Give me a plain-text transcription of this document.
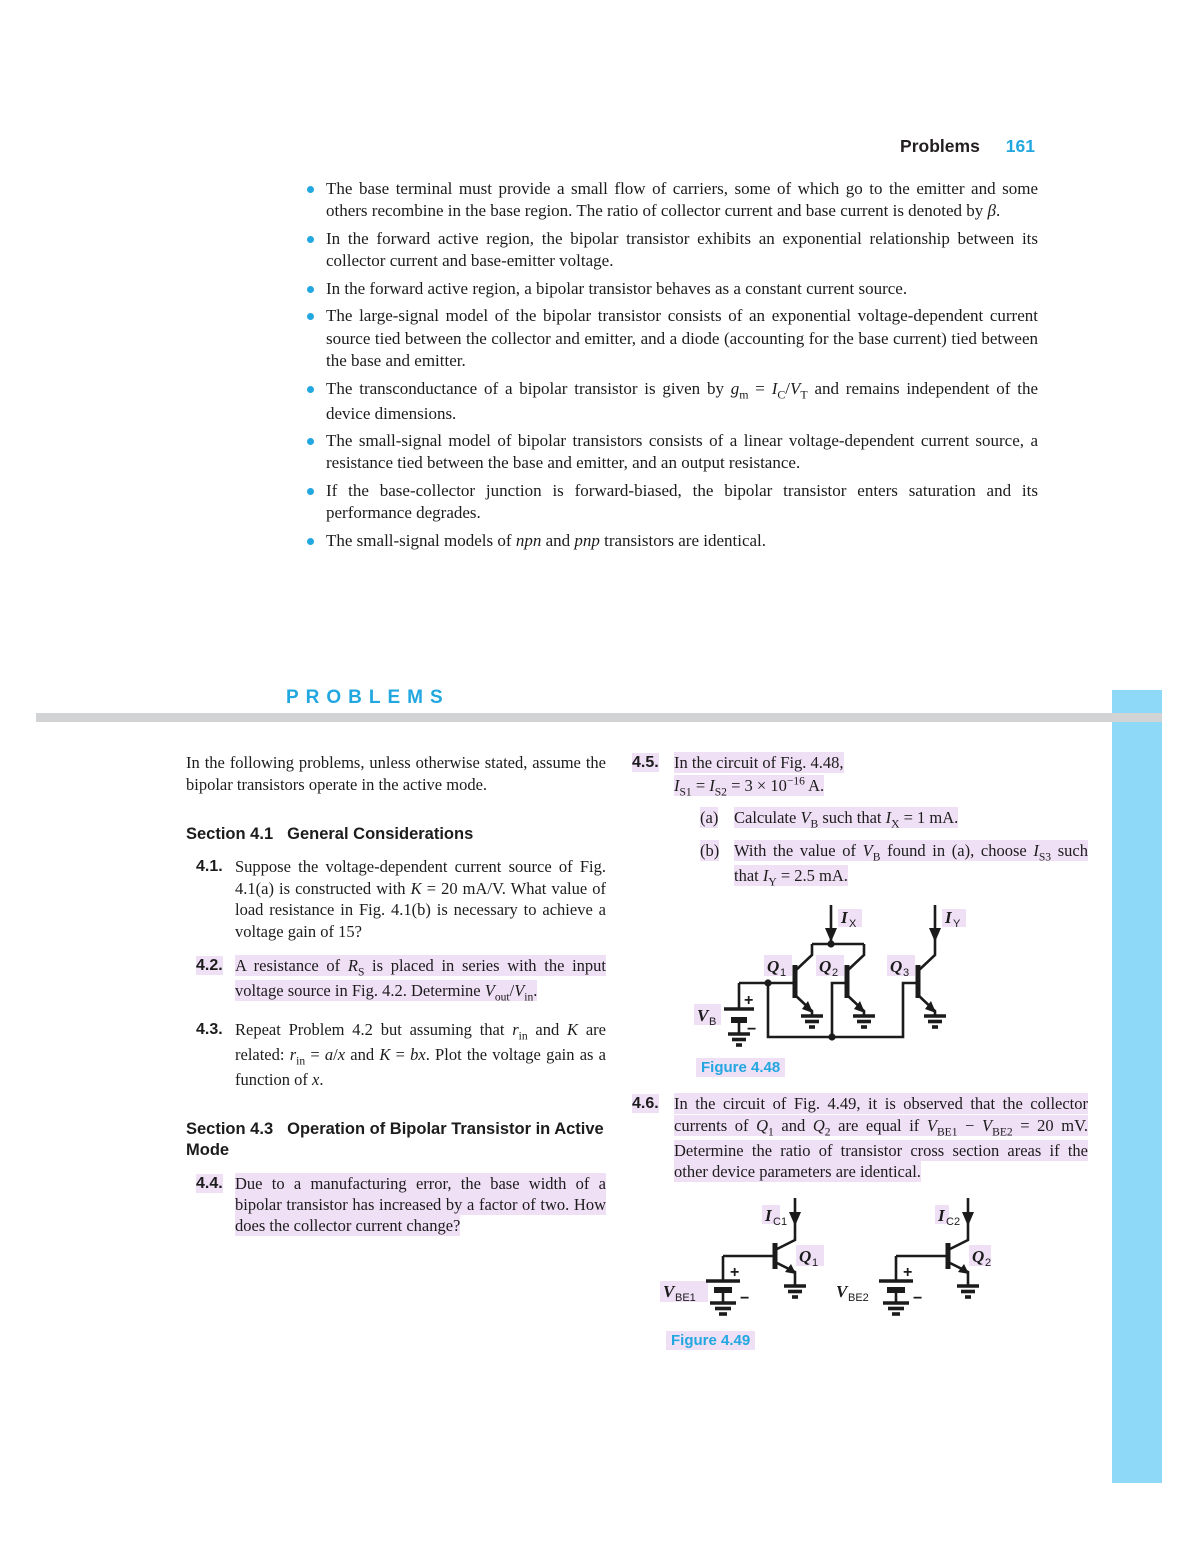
Problems 161
The base terminal must provide a small flow of carriers, some of which go to the emitter and some others recombine in the base region. The ratio of collector current and base current is denoted by β.
In the forward active region, the bipolar transistor exhibits an exponential relationship between its collector current and base-emitter voltage.
In the forward active region, a bipolar transistor behaves as a constant current source.
The large-signal model of the bipolar transistor consists of an exponential voltage-dependent current source tied between the collector and emitter, and a diode (accounting for the base current) tied between the base and emitter.
The transconductance of a bipolar transistor is given by $g_m = I_C/V_T$ and remains independent of the device dimensions.
The small-signal model of bipolar transistors consists of a linear voltage-dependent current source, a resistance tied between the base and emitter, and an output resistance.
If the base-collector junction is forward-biased, the bipolar transistor enters saturation and its performance degrades.
The small-signal models of npn and pnp transistors are identical.
PROBLEMS

In the following problems, unless otherwise stated, assume the bipolar transistors operate in the active mode.

Section 4.1 General Considerations
4.1. Suppose the voltage-dependent current source of Fig. 4.1(a) is constructed with K = 20 mA/V. What value of load resistance in Fig. 4.1(b) is necessary to achieve a voltage gain of 15?
4.2. A resistance of $R_S$ is placed in series with the input voltage source in Fig. 4.2. Determine $V_{out}/V_{in}$.
4.3. Repeat Problem 4.2 but assuming that $r_{in}$ and K are related: $r_{in} = a/x$ and K = bx. Plot the voltage gain as a function of x.
Section 4.3 Operation of Bipolar Transistor in Active Mode
4.4. Due to a manufacturing error, the base width of a bipolar transistor has increased by a factor of two. How does the collector current change?
4.5. In the circuit of Fig. 4.48,
$I_{S1} = I_{S2} = 3 \times 10^{-16}$ A.
(a) Calculate $V_B$ such that $I_X = 1$ mA.
(b) With the value of $V_B$ found in (a), choose $I_{S3}$ such that $I_Y = 2.5$ mA.
V B
+
−
Q 1 Q 2	Q 3
I X	I Y
Figure 4.48
4.6. In the circuit of Fig. 4.49, it is observed that the collector currents of $Q_1$ and $Q_2$ are equal if $V_{BE1} - V_{BE2} = 20$ mV. Determine the ratio of transistor cross section areas if the other device parameters are identical.
V BE1
+
−
I C1
Q 1
V BE2
+
−
I C2
Q 2
Figure 4.49
